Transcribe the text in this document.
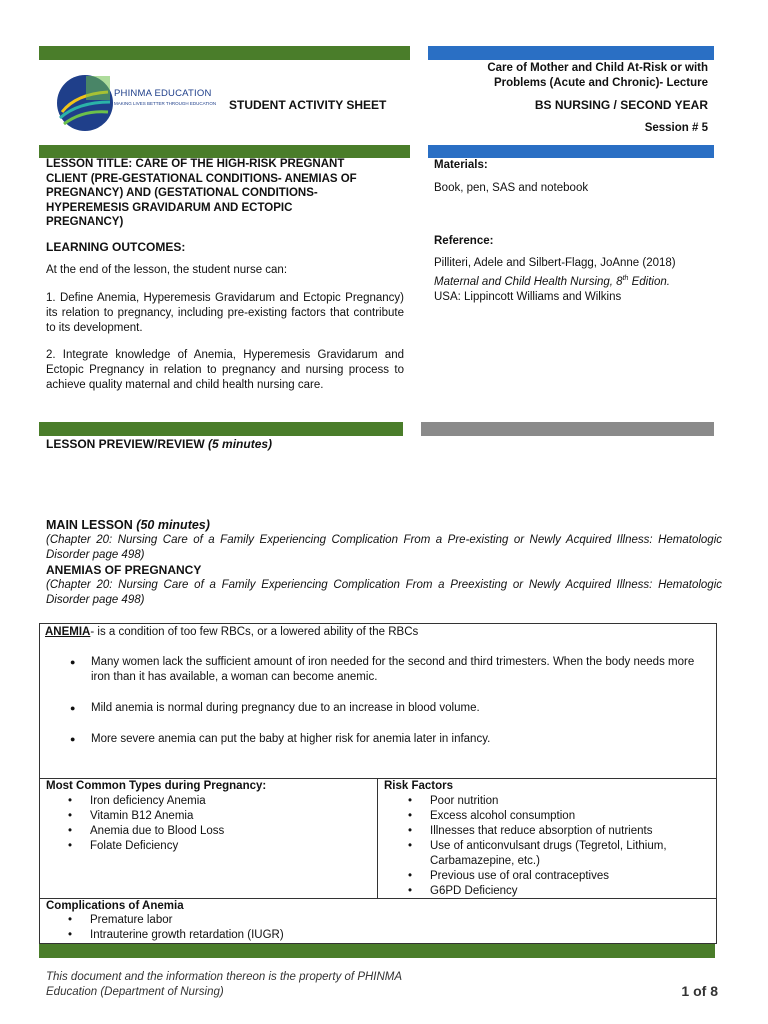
PHINMA EDUCATION
MAKING LIVES BETTER THROUGH EDUCATION STUDENT ACTIVITY SHEET
Care of Mother and Child At-Risk or with
Problems (Acute and Chronic)- Lecture
BS NURSING / SECOND YEAR
Session # 5
LESSON TITLE: CARE OF THE HIGH-RISK PREGNANT
CLIENT (PRE-GESTATIONAL CONDITIONS- ANEMIAS OF
PREGNANCY) AND (GESTATIONAL CONDITIONS-
HYPEREMESIS GRAVIDARUM AND ECTOPIC
PREGNANCY)
LEARNING OUTCOMES:
At the end of the lesson, the student nurse can:
1. Define Anemia, Hyperemesis Gravidarum and Ectopic Pregnancy) its relation to pregnancy, including pre-existing factors that contribute to its development.
2. Integrate knowledge of Anemia, Hyperemesis Gravidarum and Ectopic Pregnancy in relation to pregnancy and nursing process to achieve quality maternal and child health nursing care.
Materials:
Book, pen, SAS and notebook
Reference:
Pilliteri, Adele and Silbert-Flagg, JoAnne (2018)
Maternal and Child Health Nursing, 8th Edition.
USA: Lippincott Williams and Wilkins
LESSON PREVIEW/REVIEW (5 minutes)
MAIN LESSON (50 minutes)
(Chapter 20: Nursing Care of a Family Experiencing Complication From a Pre-existing or Newly Acquired Illness: Hematologic Disorder page 498)
ANEMIAS OF PREGNANCY
(Chapter 20: Nursing Care of a Family Experiencing Complication From a Preexisting or Newly Acquired Illness: Hematologic Disorder page 498)
ANEMIA- is a condition of too few RBCs, or a lowered ability of the RBCs
● Many women lack the sufficient amount of iron needed for the second and third trimesters. When the body needs more iron than it has available, a woman can become anemic.
● Mild anemia is normal during pregnancy due to an increase in blood volume.
● More severe anemia can put the baby at higher risk for anemia later in infancy.
Most Common Types during Pregnancy:
• Iron deficiency Anemia
• Vitamin B12 Anemia
• Anemia due to Blood Loss
• Folate Deficiency
Risk Factors
• Poor nutrition
• Excess alcohol consumption
• Illnesses that reduce absorption of nutrients
• Use of anticonvulsant drugs (Tegretol, Lithium, Carbamazepine, etc.)
• Previous use of oral contraceptives
• G6PD Deficiency
Complications of Anemia
• Premature labor
• Intrauterine growth retardation (IUGR)
This document and the information thereon is the property of PHINMA
Education (Department of Nursing)	1 of 8
